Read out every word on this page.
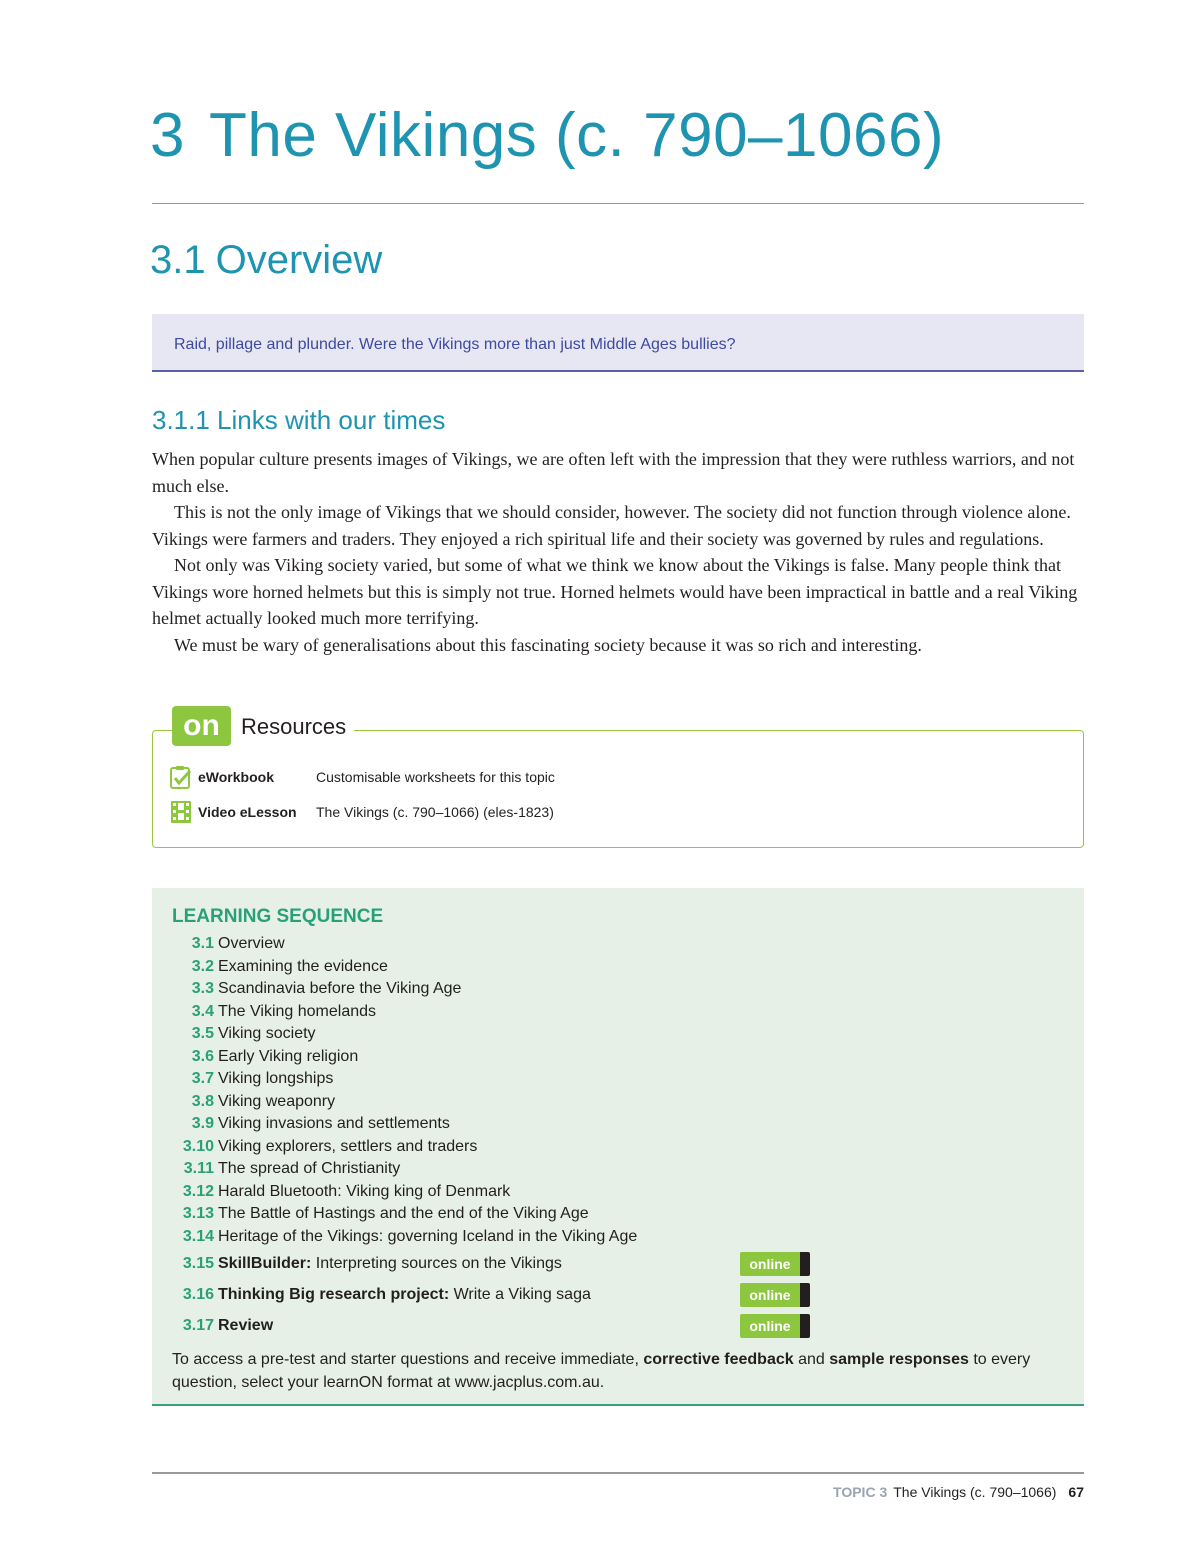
3 The Vikings (c. 790–1066)
3.1 Overview
Raid, pillage and plunder. Were the Vikings more than just Middle Ages bullies?
3.1.1 Links with our times

When popular culture presents images of Vikings, we are often left with the impression that they were ruthless warriors, and not much else.

This is not the only image of Vikings that we should consider, however. The society did not function through violence alone. Vikings were farmers and traders. They enjoyed a rich spiritual life and their society was governed by rules and regulations.

Not only was Viking society varied, but some of what we think we know about the Vikings is false. Many people think that Vikings wore horned helmets but this is simply not true. Horned helmets would have been impractical in battle and a real Viking helmet actually looked much more terrifying.

We must be wary of generalisations about this fascinating society because it was so rich and interesting.

on Resources
eWorkbook	Customisable worksheets for this topic
Video eLesson	The Vikings (c. 790–1066) (eles-1823)
LEARNING SEQUENCE
3.1 Overview
3.2 Examining the evidence
3.3 Scandinavia before the Viking Age
3.4 The Viking homelands
3.5 Viking society
3.6 Early Viking religion
3.7 Viking longships
3.8 Viking weaponry
3.9 Viking invasions and settlements
3.10 Viking explorers, settlers and traders
3.11 The spread of Christianity
3.12 Harald Bluetooth: Viking king of Denmark
3.13 The Battle of Hastings and the end of the Viking Age
3.14 Heritage of the Vikings: governing Iceland in the Viking Age
3.15 SkillBuilder: Interpreting sources on the Vikings	online
3.16 Thinking Big research project: Write a Viking saga	online
3.17 Review	online
To access a pre-test and starter questions and receive immediate, corrective feedback and sample responses to every question, select your learnON format at www.jacplus.com.au.
TOPIC 3 The Vikings (c. 790–1066) 67
